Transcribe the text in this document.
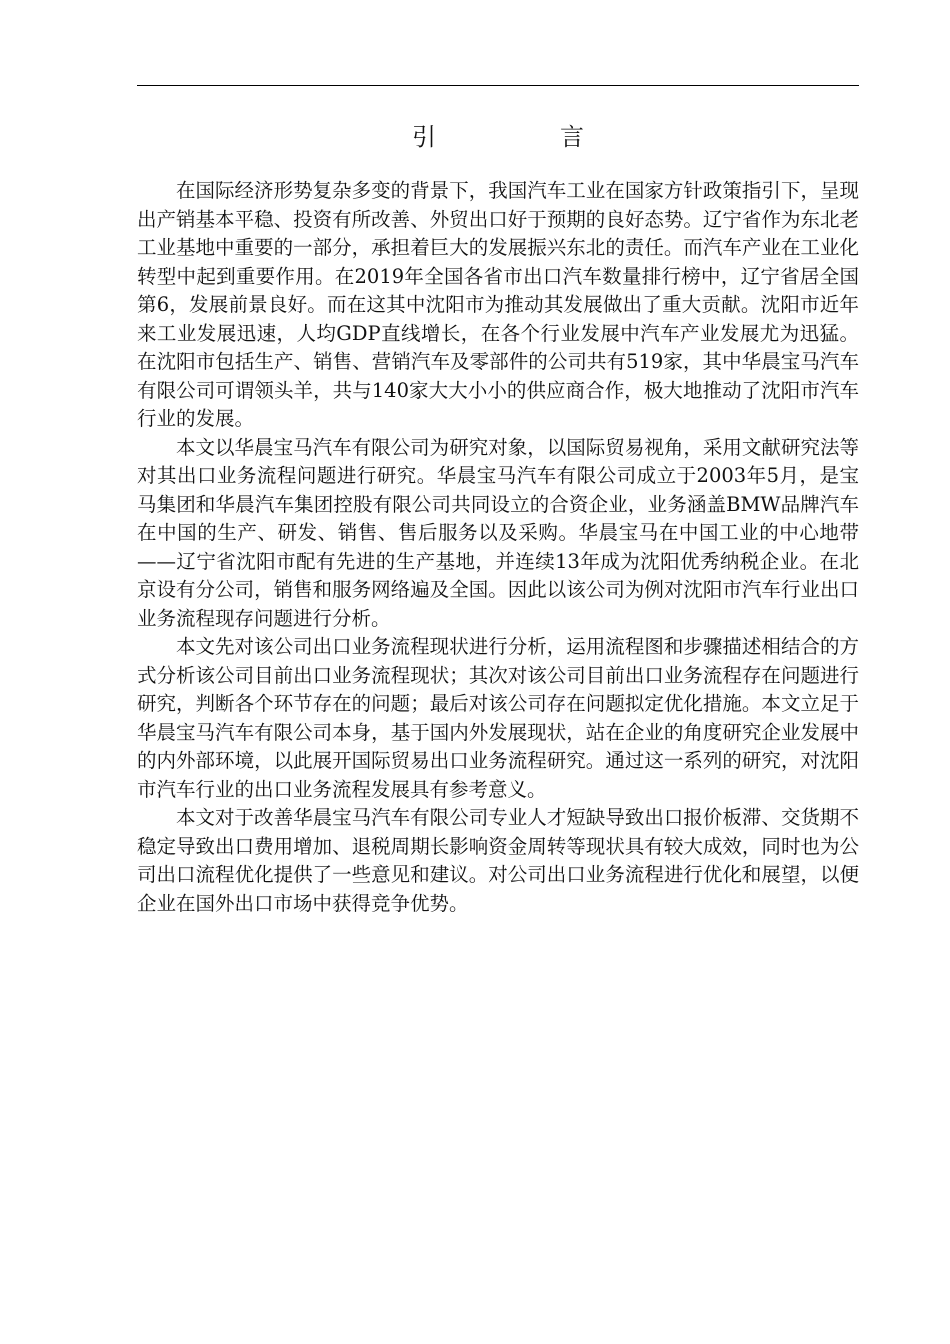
引　言

在国际经济形势复杂多变的背景下，我国汽车工业在国家方针政策指引下，呈现出产销基本平稳、投资有所改善、外贸出口好于预期的良好态势。辽宁省作为东北老工业基地中重要的一部分，承担着巨大的发展振兴东北的责任。而汽车产业在工业化转型中起到重要作用。在2019年全国各省市出口汽车数量排行榜中，辽宁省居全国第6，发展前景良好。而在这其中沈阳市为推动其发展做出了重大贡献。沈阳市近年来工业发展迅速，人均GDP直线增长，在各个行业发展中汽车产业发展尤为迅猛。在沈阳市包括生产、销售、营销汽车及零部件的公司共有519家，其中华晨宝马汽车有限公司可谓领头羊，共与140家大大小小的供应商合作，极大地推动了沈阳市汽车行业的发展。

本文以华晨宝马汽车有限公司为研究对象，以国际贸易视角，采用文献研究法等对其出口业务流程问题进行研究。华晨宝马汽车有限公司成立于2003年5月，是宝马集团和华晨汽车集团控股有限公司共同设立的合资企业，业务涵盖BMW品牌汽车在中国的生产、研发、销售、售后服务以及采购。华晨宝马在中国工业的中心地带——辽宁省沈阳市配有先进的生产基地，并连续13年成为沈阳优秀纳税企业。在北京设有分公司，销售和服务网络遍及全国。因此以该公司为例对沈阳市汽车行业出口业务流程现存问题进行分析。

本文先对该公司出口业务流程现状进行分析，运用流程图和步骤描述相结合的方式分析该公司目前出口业务流程现状；其次对该公司目前出口业务流程存在问题进行研究，判断各个环节存在的问题；最后对该公司存在问题拟定优化措施。本文立足于华晨宝马汽车有限公司本身，基于国内外发展现状，站在企业的角度研究企业发展中的内外部环境，以此展开国际贸易出口业务流程研究。通过这一系列的研究，对沈阳市汽车行业的出口业务流程发展具有参考意义。

本文对于改善华晨宝马汽车有限公司专业人才短缺导致出口报价板滞、交货期不稳定导致出口费用增加、退税周期长影响资金周转等现状具有较大成效，同时也为公司出口流程优化提供了一些意见和建议。对公司出口业务流程进行优化和展望，以便企业在国外出口市场中获得竞争优势。
